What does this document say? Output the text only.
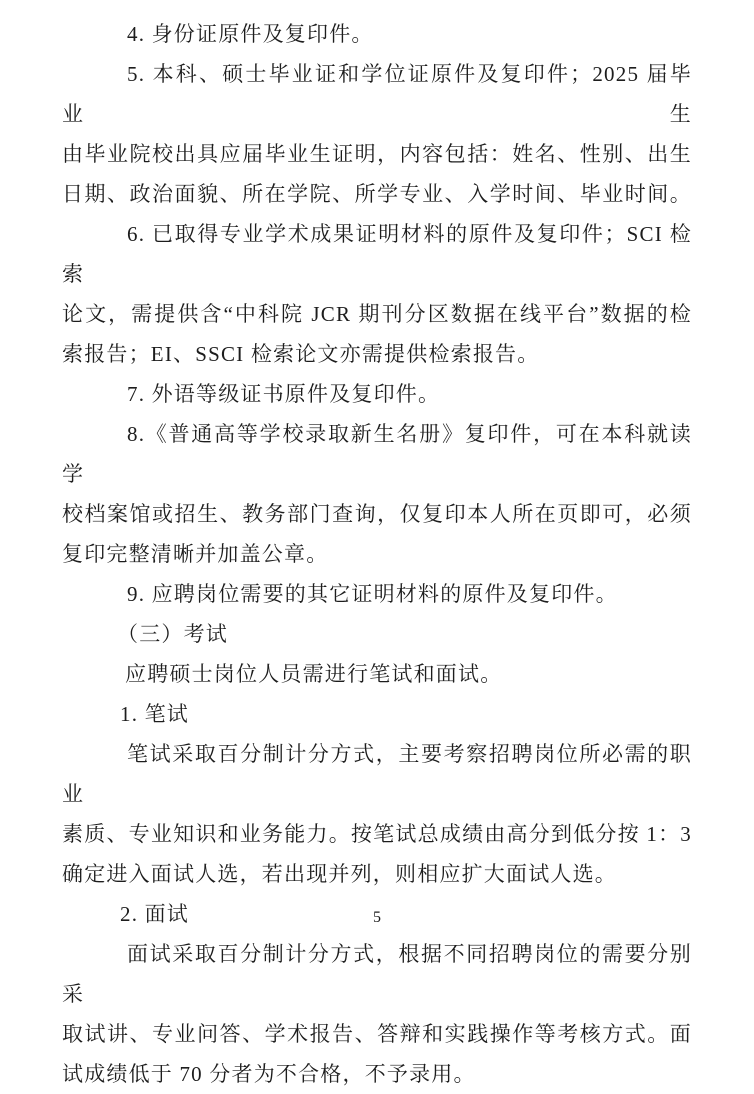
4. 身份证原件及复印件。
5. 本科、硕士毕业证和学位证原件及复印件；2025 届毕业生
由毕业院校出具应届毕业生证明，内容包括：姓名、性别、出生
日期、政治面貌、所在学院、所学专业、入学时间、毕业时间。
6. 已取得专业学术成果证明材料的原件及复印件；SCI 检索
论文，需提供含“中科院 JCR 期刊分区数据在线平台”数据的检
索报告；EI、SSCI 检索论文亦需提供检索报告。
7. 外语等级证书原件及复印件。
8.《普通高等学校录取新生名册》复印件，可在本科就读学
校档案馆或招生、教务部门查询，仅复印本人所在页即可，必须
复印完整清晰并加盖公章。
9. 应聘岗位需要的其它证明材料的原件及复印件。
（三）考试
应聘硕士岗位人员需进行笔试和面试。
1. 笔试
笔试采取百分制计分方式，主要考察招聘岗位所必需的职业
素质、专业知识和业务能力。按笔试总成绩由高分到低分按 1：3
确定进入面试人选，若出现并列，则相应扩大面试人选。
2. 面试
面试采取百分制计分方式，根据不同招聘岗位的需要分别采
取试讲、专业问答、学术报告、答辩和实践操作等考核方式。面
试成绩低于 70 分者为不合格，不予录用。
5
